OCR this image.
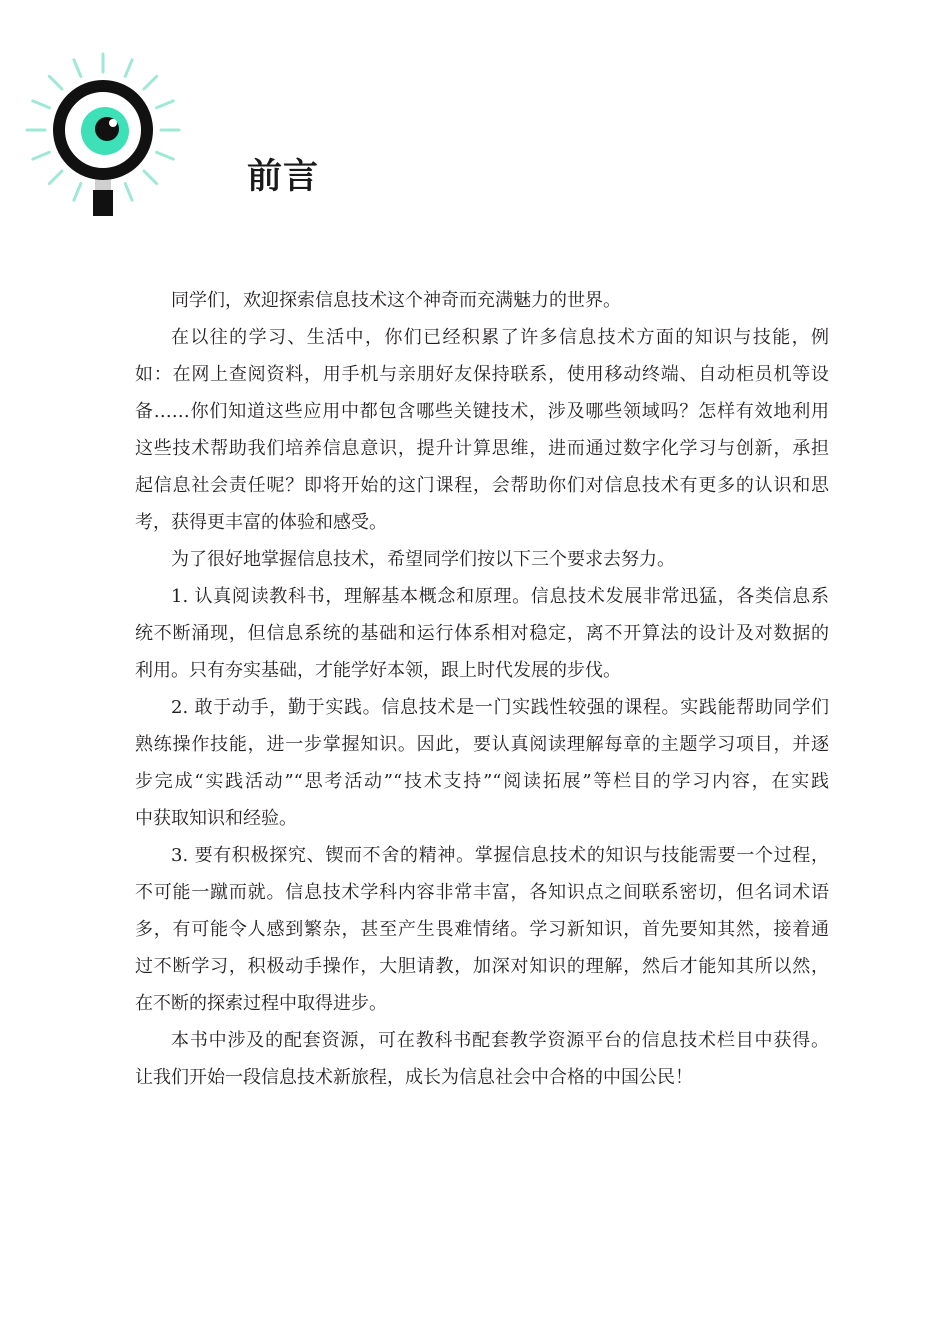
前言
同学们，欢迎探索信息技术这个神奇而充满魅力的世界。
在以往的学习、生活中，你们已经积累了许多信息技术方面的知识与技能，例
如：在网上查阅资料，用手机与亲朋好友保持联系，使用移动终端、自动柜员机等设
备……你们知道这些应用中都包含哪些关键技术，涉及哪些领域吗？怎样有效地利用
这些技术帮助我们培养信息意识，提升计算思维，进而通过数字化学习与创新，承担
起信息社会责任呢？即将开始的这门课程，会帮助你们对信息技术有更多的认识和思
考，获得更丰富的体验和感受。
为了很好地掌握信息技术，希望同学们按以下三个要求去努力。
1. 认真阅读教科书，理解基本概念和原理。信息技术发展非常迅猛，各类信息系
统不断涌现，但信息系统的基础和运行体系相对稳定，离不开算法的设计及对数据的
利用。只有夯实基础，才能学好本领，跟上时代发展的步伐。
2. 敢于动手，勤于实践。信息技术是一门实践性较强的课程。实践能帮助同学们
熟练操作技能，进一步掌握知识。因此，要认真阅读理解每章的主题学习项目，并逐
步完成“实践活动”“思考活动”“技术支持”“阅读拓展”等栏目的学习内容，在实践
中获取知识和经验。
3. 要有积极探究、锲而不舍的精神。掌握信息技术的知识与技能需要一个过程，
不可能一蹴而就。信息技术学科内容非常丰富，各知识点之间联系密切，但名词术语
多，有可能令人感到繁杂，甚至产生畏难情绪。学习新知识，首先要知其然，接着通
过不断学习，积极动手操作，大胆请教，加深对知识的理解，然后才能知其所以然，
在不断的探索过程中取得进步。
本书中涉及的配套资源，可在教科书配套教学资源平台的信息技术栏目中获得。
让我们开始一段信息技术新旅程，成长为信息社会中合格的中国公民！
